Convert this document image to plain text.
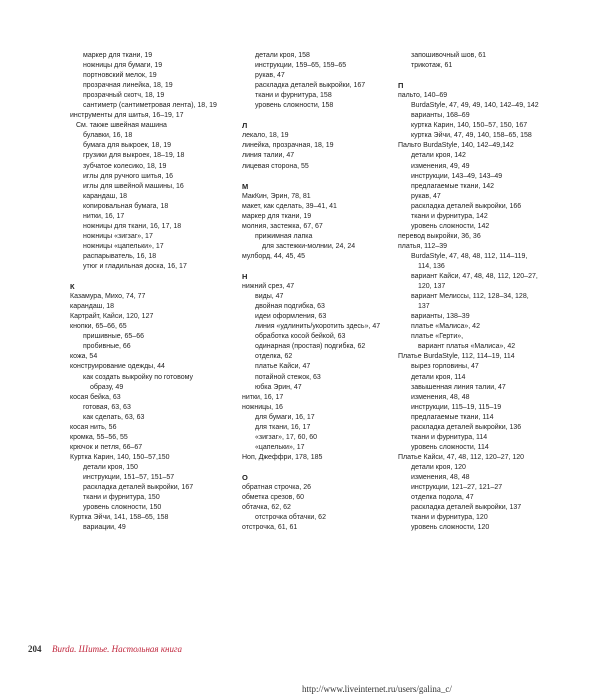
маркер для ткани, 19
ножницы для бумаги, 19
портновский мелок, 19
прозрачная линейка, 18, 19
прозрачный скотч, 18, 19
сантиметр (сантиметровая лента), 18, 19
инструменты для шитья, 16–19, 17
См. также швейная машина
булавки, 16, 18
бумага для выкроек, 18, 19
грузики для выкроек, 18–19, 18
зубчатое колесико, 18, 19
иглы для ручного шитья, 16
иглы для швейной машины, 16
карандаш, 18
копировальная бумага, 18
нитки, 16, 17
ножницы для ткани, 16, 17, 18
ножницы «зигзаг», 17
ножницы «цапельки», 17
распарыватель, 16, 18
утюг и гладильная доска, 16, 17
К
Казамура, Михо, 74, 77
карандаш, 18
Картрайт, Кайси, 120, 127
кнопки, 65–66, 65
пришивные, 65–66
пробивные, 66
кожа, 54
конструирование одежды, 44
как создать выкройку по готовому
образу, 49
косая бейка, 63
готовая, 63, 63
как сделать, 63, 63
косая нить, 56
кромка, 55–56, 55
крючок и петля, 66–67
Куртка Карин, 140, 150–57,150
детали кроя, 150
инструкции, 151–57, 151–57
раскладка деталей выкройки, 167
ткани и фурнитура, 150
уровень сложности, 150
Куртка Эйчи, 141, 158–65, 158
вариации, 49
детали кроя, 158
инструкции, 159–65, 159–65
рукав, 47
раскладка деталей выкройки, 167
ткани и фурнитура, 158
уровень сложности, 158
Л
лекало, 18, 19
линейка, прозрачная, 18, 19
линия талии, 47
лицевая сторона, 55
М
МакКин, Эрин, 78, 81
макет, как сделать, 39–41, 41
маркер для ткани, 19
молния, застежка, 67, 67
прижимная лапка
для застежки-молнии, 24, 24
мулборд, 44, 45, 45
Н
нижний срез, 47
виды, 47
двойная подгибка, 63
идеи оформления, 63
линия «удлинить/укоротить здесь», 47
обработка косой бейкой, 63
одинарная (простая) подгибка, 62
отделка, 62
платье Кайси, 47
потайной стежок, 63
юбка Эрин, 47
нитки, 16, 17
ножницы, 16
для бумаги, 16, 17
для ткани, 16, 17
«зигзаг», 17, 60, 60
«цапельки», 17
Ноп, Джеффри, 178, 185
О
обратная строчка, 26
обметка срезов, 60
обтачка, 62, 62
отстрочка обтачки, 62
отстрочка, 61, 61
запошивочный шов, 61
трикотаж, 61
П
пальто, 140–69
BurdaStyle, 47, 49, 49, 140, 142–49, 142
варианты, 168–69
куртка Карин, 140, 150–57, 150, 167
куртка Эйчи, 47, 49, 140, 158–65, 158
Пальто BurdaStyle, 140, 142–49,142
детали кроя, 142
изменения, 49, 49
инструкции, 143–49, 143–49
предлагаемые ткани, 142
рукав, 47
раскладка деталей выкройки, 166
ткани и фурнитура, 142
уровень сложности, 142
перевод выкройки, 36, 36
платья, 112–39
BurdaStyle, 47, 48, 48, 112, 114–119,
114, 136
вариант Кайси, 47, 48, 48, 112, 120–27,
120, 137
вариант Мелиссы, 112, 128–34, 128,
137
варианты, 138–39
платье «Малиса», 42
платье «Герти»,
вариант платья «Малиса», 42
Платье BurdaStyle, 112, 114–19, 114
вырез горловины, 47
детали кроя, 114
завышенная линия талии, 47
изменения, 48, 48
инструкции, 115–19, 115–19
предлагаемые ткани, 114
раскладка деталей выкройки, 136
ткани и фурнитура, 114
уровень сложности, 114
Платье Кайси, 47, 48, 112, 120–27, 120
детали кроя, 120
изменения, 48, 48
инструкции, 121–27, 121–27
отделка подола, 47
раскладка деталей выкройки, 137
ткани и фурнитура, 120
уровень сложности, 120
204 Burda. Шитье. Настольная книга
http://www.liveinternet.ru/users/galina_c/
